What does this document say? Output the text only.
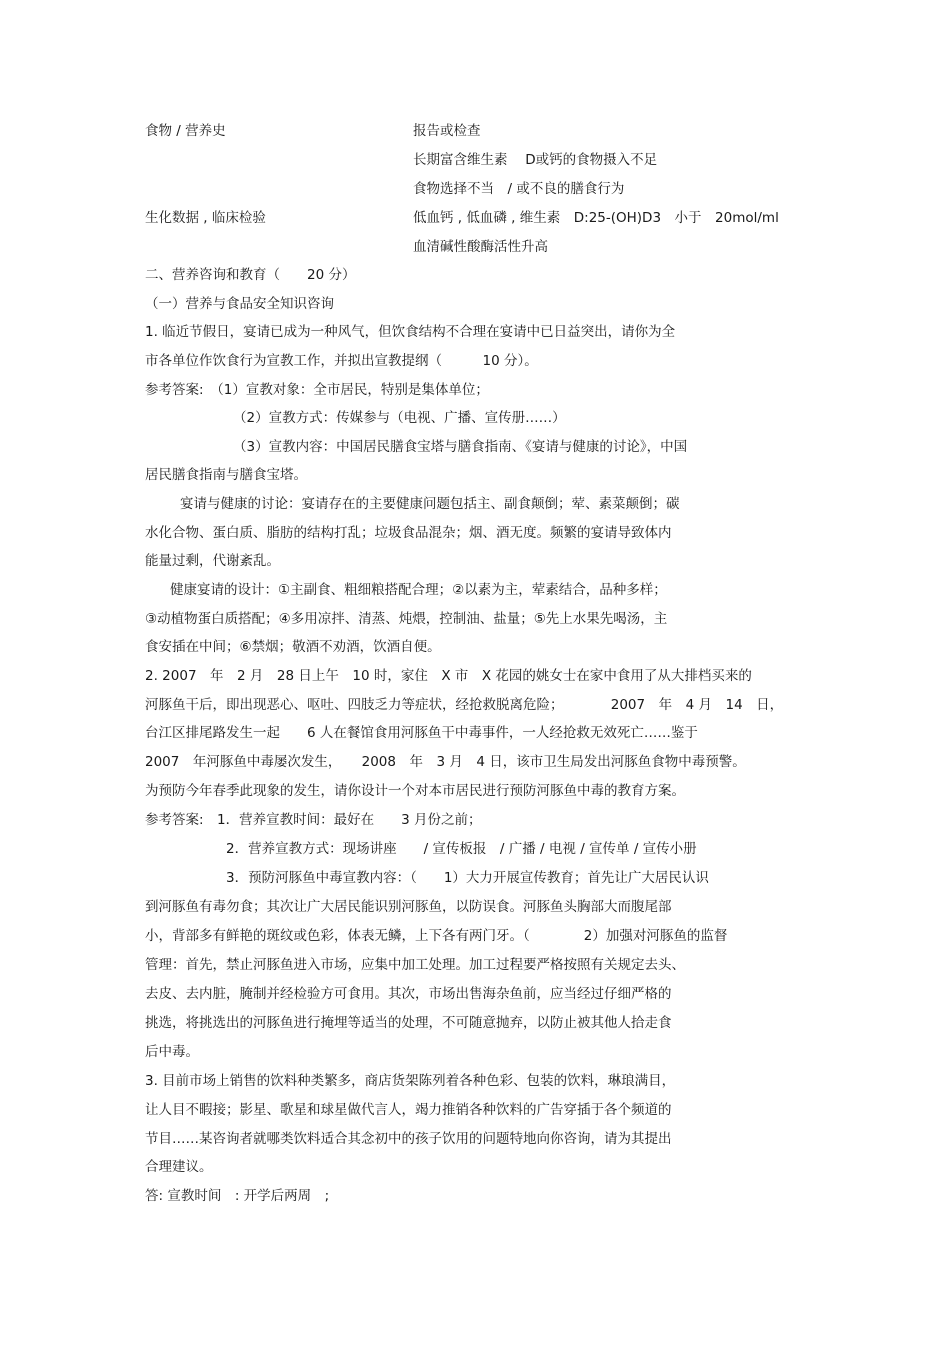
食物 / 营养史	报告或检查
长期富含维生素　 D或钙的食物摄入不足
食物选择不当　/ 或不良的膳食行为
生化数据 , 临床检验	低血钙 , 低血磷 , 维生素　D:25-(OH)D3　小于　20mol/ml
血清碱性酸酶活性升高
二、营养咨询和教育（　　20 分）
（一）营养与食品安全知识咨询
1. 临近节假日，宴请已成为一种风气，但饮食结构不合理在宴请中已日益突出，请你为全
市各单位作饮食行为宣教工作，并拟出宣教提纲（　　　10 分）。
参考答案:　（1）宣教对象：全市居民，特别是集体单位；
（2）宣教方式：传媒参与（电视、广播、宣传册……）
（3）宣教内容：中国居民膳食宝塔与膳食指南、《宴请与健康的讨论》，中国
居民膳食指南与膳食宝塔。
宴请与健康的讨论：宴请存在的主要健康问题包括主、副食颠倒；荤、素菜颠倒；碳
水化合物、蛋白质、脂肪的结构打乱；垃圾食品混杂；烟、酒无度。频繁的宴请导致体内
能量过剩，代谢紊乱。
健康宴请的设计：①主副食、粗细粮搭配合理；②以素为主，荤素结合，品种多样；
③动植物蛋白质搭配；④多用凉拌、清蒸、炖煨，控制油、盐量；⑤先上水果先喝汤，主
食安插在中间；⑥禁烟；敬酒不劝酒，饮酒自便。
2. 2007　年　2 月　28 日上午　10 时，家住　X 市　X 花园的姚女士在家中食用了从大排档买来的
河豚鱼干后，即出现恶心、呕吐、四肢乏力等症状，经抢救脱离危险；　　　　2007　年　4 月　14　日，
台江区排尾路发生一起　　6 人在餐馆食用河豚鱼干中毒事件，一人经抢救无效死亡……鉴于
2007　年河豚鱼中毒屡次发生，　　2008　年　3 月　4 日，该市卫生局发出河豚鱼食物中毒预警。
为预防今年春季此现象的发生，请你设计一个对本市居民进行预防河豚鱼中毒的教育方案。
参考答案:　1．营养宣教时间：最好在　　3 月份之前；
2．营养宣教方式：现场讲座　　/ 宣传板报　/ 广播 / 电视 / 宣传单 / 宣传小册
3．预防河豚鱼中毒宣教内容：（　　1）大力开展宣传教育；首先让广大居民认识
到河豚鱼有毒勿食；其次让广大居民能识别河豚鱼，以防误食。河豚鱼头胸部大而腹尾部
小，背部多有鲜艳的斑纹或色彩，体表无鳞，上下各有两门牙。（　　　　2）加强对河豚鱼的监督
管理：首先，禁止河豚鱼进入市场，应集中加工处理。加工过程要严格按照有关规定去头、
去皮、去内脏，腌制并经检验方可食用。其次，市场出售海杂鱼前，应当经过仔细严格的
挑选，将挑选出的河豚鱼进行掩埋等适当的处理，不可随意抛弃，以防止被其他人拾走食
后中毒。
3. 目前市场上销售的饮料种类繁多，商店货架陈列着各种色彩、包装的饮料，琳琅满目，
让人目不暇接；影星、歌星和球星做代言人，竭力推销各种饮料的广告穿插于各个频道的
节目……某咨询者就哪类饮料适合其念初中的孩子饮用的问题特地向你咨询，请为其提出
合理建议。
答: 宣教时间　: 开学后两周　;
